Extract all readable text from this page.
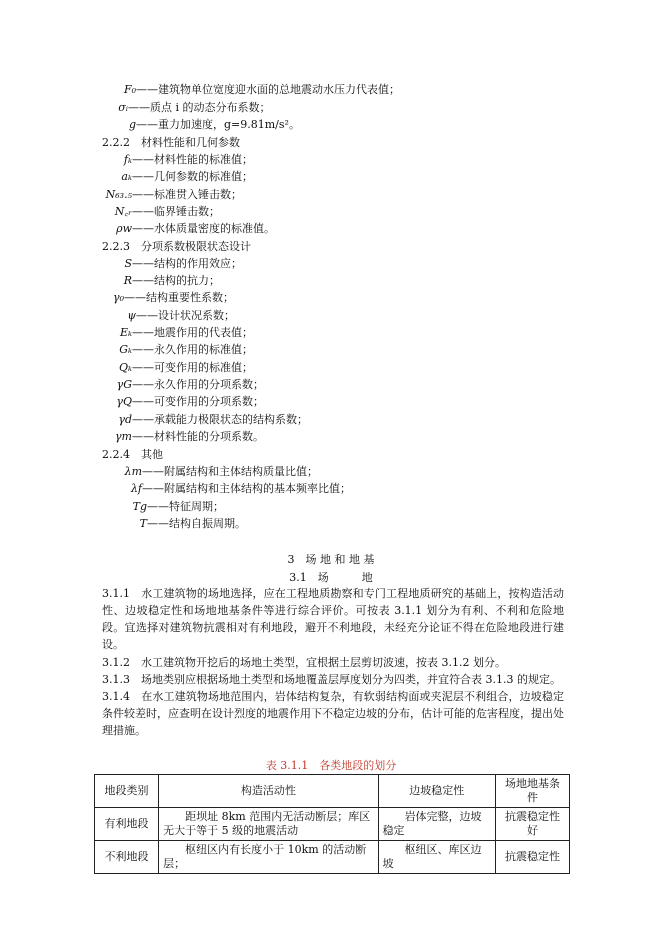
F₀——建筑物单位宽度迎水面的总地震动水压力代表值；
σᵢ——质点 i 的动态分布系数；
g——重力加速度，g=9.81m/s²。
2.2.2　材料性能和几何参数
fₖ——材料性能的标准值；
aₖ——几何参数的标准值；
N₆₃.₅——标准贯入锤击数；
N꜀ᵣ——临界锤击数；
ρw——水体质量密度的标准值。
2.2.3　分项系数极限状态设计
S——结构的作用效应；
R——结构的抗力；
γ₀——结构重要性系数；
ψ——设计状况系数；
Eₖ——地震作用的代表值；
Gₖ——永久作用的标准值；
Qₖ——可变作用的标准值；
γG——永久作用的分项系数；
γQ——可变作用的分项系数；
γd——承载能力极限状态的结构系数；
γm——材料性能的分项系数。
2.2.4　其他
λm——附属结构和主体结构质量比值；
λf——附属结构和主体结构的基本频率比值；
Tg——特征周期；
T——结构自振周期。
3　场 地 和 地 基
3.1　场　　　地
3.1.1　水工建筑物的场地选择，应在工程地质勘察和专门工程地质研究的基础上，按构造活动性、边坡稳定性和场地地基条件等进行综合评价。可按表 3.1.1 划分为有利、不利和危险地段。宜选择对建筑物抗震相对有利地段，避开不利地段，未经充分论证不得在危险地段进行建设。
3.1.2　水工建筑物开挖后的场地土类型，宜根据土层剪切波速，按表 3.1.2 划分。
3.1.3　场地类别应根据场地土类型和场地覆盖层厚度划分为四类，并宜符合表 3.1.3 的规定。
3.1.4　在水工建筑物场地范围内，岩体结构复杂，有软弱结构面或夹泥层不利组合，边坡稳定条件较差时，应查明在设计烈度的地震作用下不稳定边坡的分布，估计可能的危害程度，提出处理措施。
表 3.1.1　各类地段的划分
地段类别	构造活动性	边坡稳定性	场地地基条件
有利地段	距坝址 8km 范围内无活动断层；库区无大于等于 5 级的地震活动	岩体完整，边坡稳定	抗震稳定性好
不利地段	枢纽区内有长度小于 10km 的活动断层；	枢纽区、库区边坡	抗震稳定性
